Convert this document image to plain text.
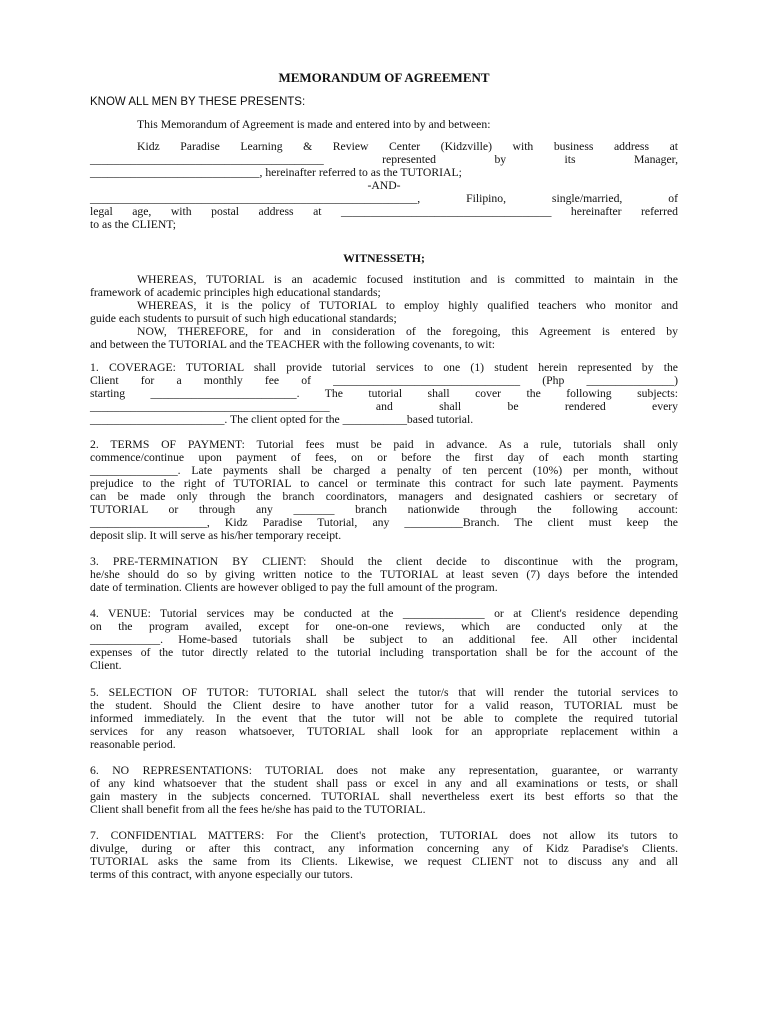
MEMORANDUM OF AGREEMENT
KNOW ALL MEN BY THESE PRESENTS:
This Memorandum of Agreement is made and entered into by and between:
Kidz Paradise Learning & Review Center (Kidzville) with business address at
________________________________________ represented by its Manager,
_____________________________, hereinafter referred to as the TUTORIAL;
-AND-
________________________________________________________, Filipino, single/married, of
legal age, with postal address at ____________________________________ hereinafter referred
to as the CLIENT;
WITNESSETH;
WHEREAS, TUTORIAL is an academic focused institution and is committed to maintain in the
framework of academic principles high educational standards;
WHEREAS, it is the policy of TUTORIAL to employ highly qualified teachers who monitor and
guide each students to pursuit of such high educational standards;
NOW, THEREFORE, for and in consideration of the foregoing, this Agreement is entered by
and between the TUTORIAL and the TEACHER with the following covenants, to wit:
1. COVERAGE: TUTORIAL shall provide tutorial services to one (1) student herein represented by the
Client for a monthly fee of ________________________________ (Php _______________)
starting _________________________. The tutorial shall cover the following subjects:
_________________________________________ and shall be rendered every
_______________________. The client opted for the ___________based tutorial.
2. TERMS OF PAYMENT: Tutorial fees must be paid in advance. As a rule, tutorials shall only
commence/continue upon payment of fees, on or before the first day of each month starting
_______________. Late payments shall be charged a penalty of ten percent (10%) per month, without
prejudice to the right of TUTORIAL to cancel or terminate this contract for such late payment. Payments
can be made only through the branch coordinators, managers and designated cashiers or secretary of
TUTORIAL or through any _______ branch nationwide through the following account:
____________________, Kidz Paradise Tutorial, any __________Branch. The client must keep the
deposit slip. It will serve as his/her temporary receipt.
3. PRE-TERMINATION BY CLIENT: Should the client decide to discontinue with the program,
he/she should do so by giving written notice to the TUTORIAL at least seven (7) days before the intended
date of termination. Clients are however obliged to pay the full amount of the program.
4. VENUE: Tutorial services may be conducted at the ______________ or at Client's residence depending
on the program availed, except for one-on-one reviews, which are conducted only at the
____________. Home-based tutorials shall be subject to an additional fee. All other incidental
expenses of the tutor directly related to the tutorial including transportation shall be for the account of the
Client.
5. SELECTION OF TUTOR: TUTORIAL shall select the tutor/s that will render the tutorial services to
the student. Should the Client desire to have another tutor for a valid reason, TUTORIAL must be
informed immediately. In the event that the tutor will not be able to complete the required tutorial
services for any reason whatsoever, TUTORIAL shall look for an appropriate replacement within a
reasonable period.
6. NO REPRESENTATIONS: TUTORIAL does not make any representation, guarantee, or warranty
of any kind whatsoever that the student shall pass or excel in any and all examinations or tests, or shall
gain mastery in the subjects concerned. TUTORIAL shall nevertheless exert its best efforts so that the
Client shall benefit from all the fees he/she has paid to the TUTORIAL.
7. CONFIDENTIAL MATTERS: For the Client's protection, TUTORIAL does not allow its tutors to
divulge, during or after this contract, any information concerning any of Kidz Paradise's Clients.
TUTORIAL asks the same from its Clients. Likewise, we request CLIENT not to discuss any and all
terms of this contract, with anyone especially our tutors.
